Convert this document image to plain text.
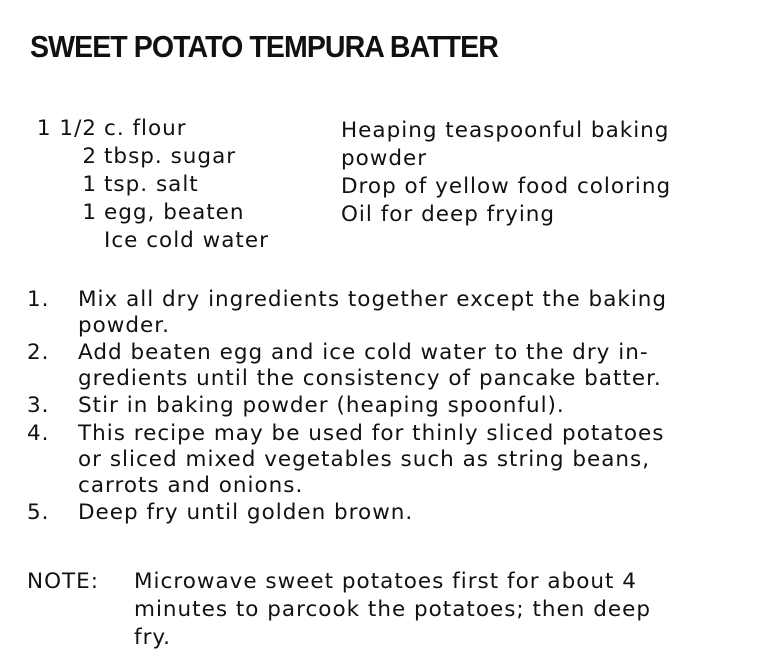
SWEET POTATO TEMPURA BATTER
1 1/2 c. flour
2 tbsp. sugar
1 tsp. salt
1 egg, beaten
Ice cold water
Heaping teaspoonful baking
powder
Drop of yellow food coloring
Oil for deep frying
1.	Mix all dry ingredients together except the baking
powder.
2.	Add beaten egg and ice cold water to the dry in-
gredients until the consistency of pancake batter.
3.	Stir in baking powder (heaping spoonful).
4.	This recipe may be used for thinly sliced potatoes
or sliced mixed vegetables such as string beans,
carrots and onions.
5.	Deep fry until golden brown.
NOTE:	Microwave sweet potatoes first for about 4
minutes to parcook the potatoes; then deep
fry.
